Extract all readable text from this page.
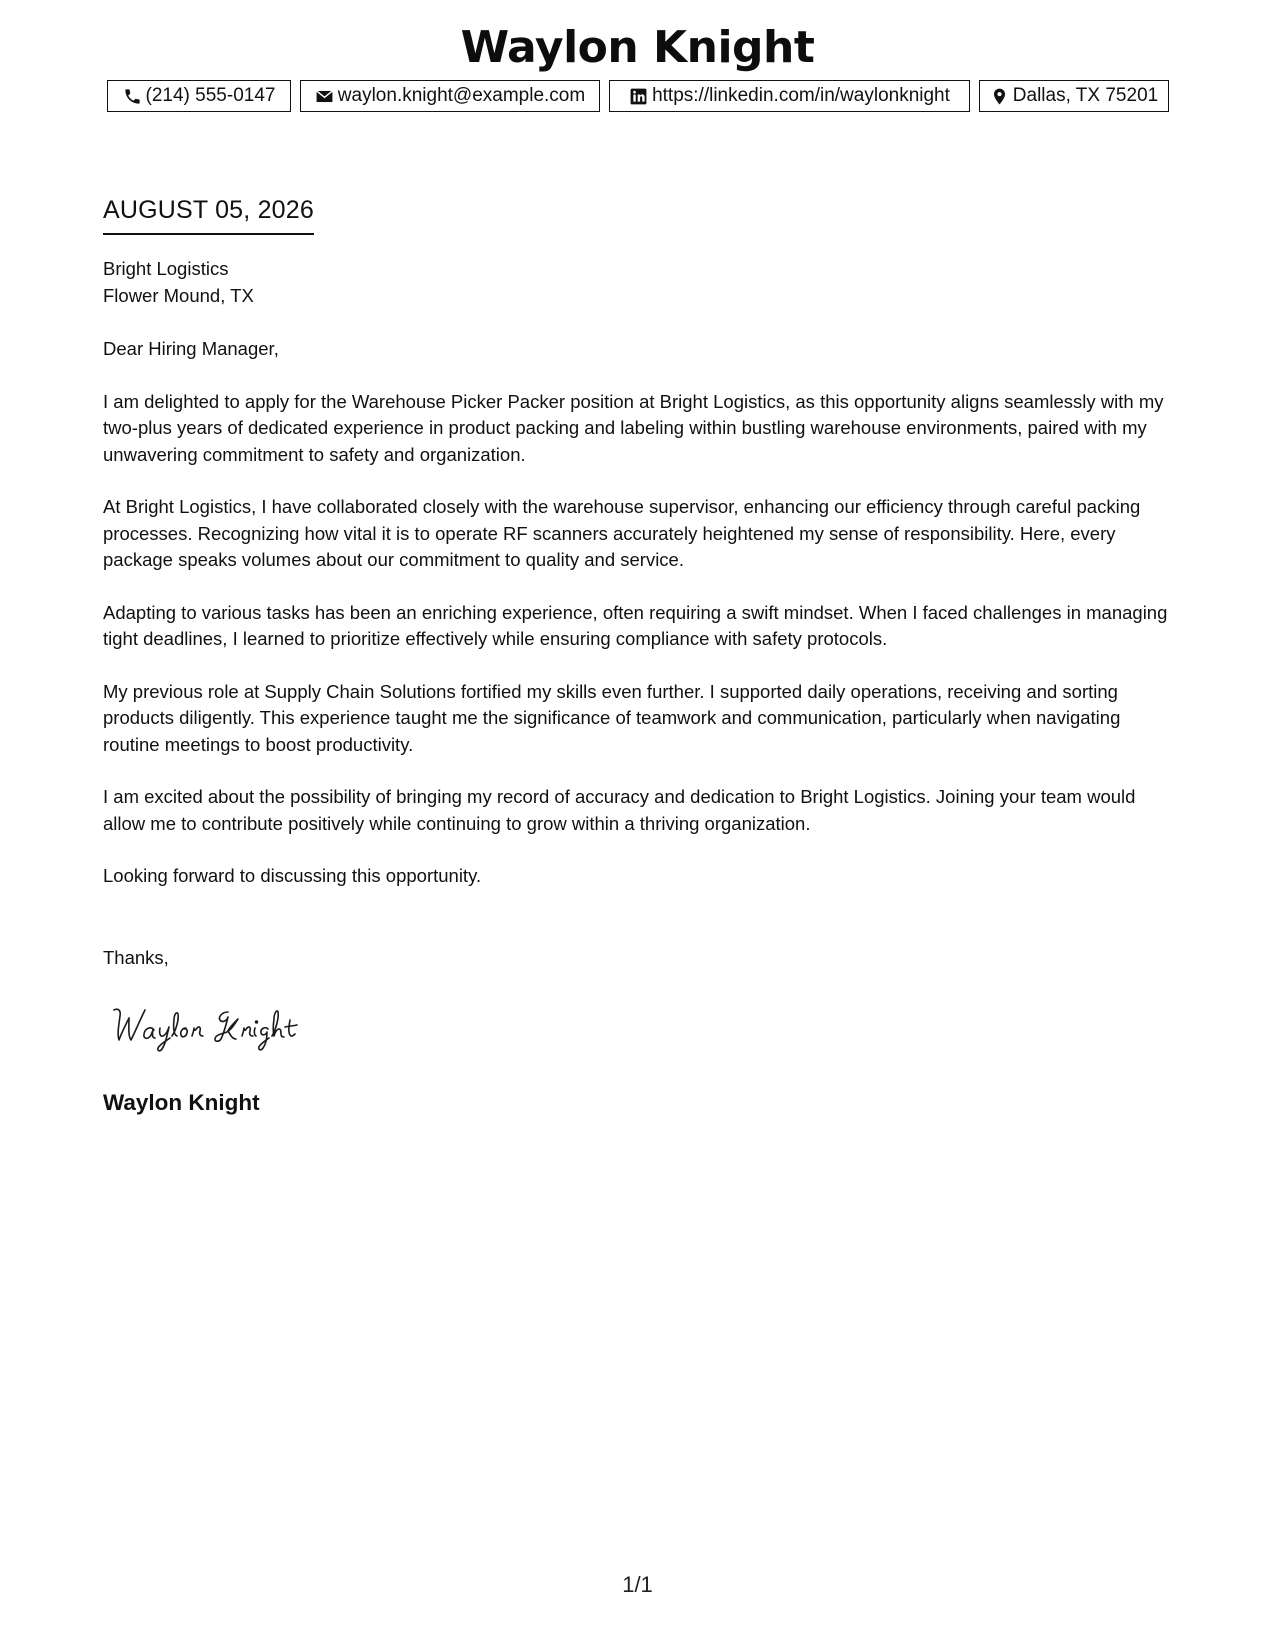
Waylon Knight
(214) 555-0147	waylon.knight@example.com	https://linkedin.com/in/waylonknight	Dallas, TX 75201
AUGUST 05, 2026
Bright Logistics
Flower Mound, TX

Dear Hiring Manager,

I am delighted to apply for the Warehouse Picker Packer position at Bright Logistics, as this opportunity aligns seamlessly with my two-plus years of dedicated experience in product packing and labeling within bustling warehouse environments, paired with my unwavering commitment to safety and organization.

At Bright Logistics, I have collaborated closely with the warehouse supervisor, enhancing our efficiency through careful packing processes. Recognizing how vital it is to operate RF scanners accurately heightened my sense of responsibility. Here, every package speaks volumes about our commitment to quality and service.

Adapting to various tasks has been an enriching experience, often requiring a swift mindset. When I faced challenges in managing tight deadlines, I learned to prioritize effectively while ensuring compliance with safety protocols.

My previous role at Supply Chain Solutions fortified my skills even further. I supported daily operations, receiving and sorting products diligently. This experience taught me the significance of teamwork and communication, particularly when navigating routine meetings to boost productivity.

I am excited about the possibility of bringing my record of accuracy and dedication to Bright Logistics. Joining your team would allow me to contribute positively while continuing to grow within a thriving organization.

Looking forward to discussing this opportunity.

Thanks,
Waylon Knight
1/1
